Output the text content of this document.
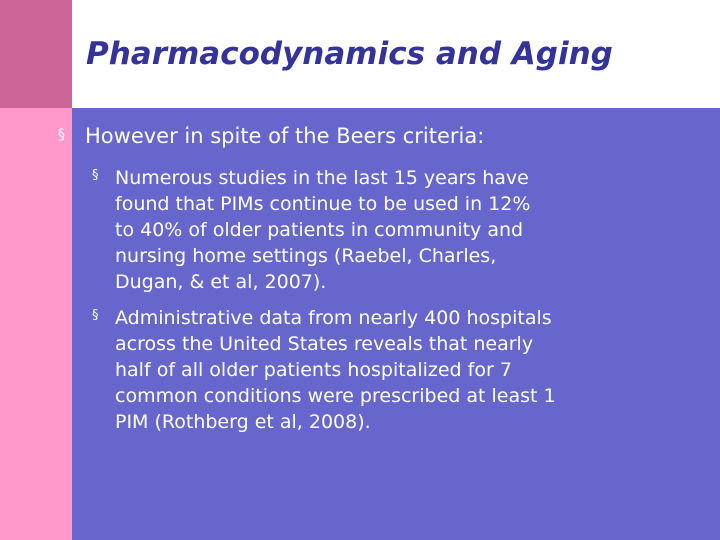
Pharmacodynamics and Aging
§ However in spite of the Beers criteria:
§ Numerous studies in the last 15 years have
found that PIMs continue to be used in 12%
to 40% of older patients in community and
nursing home settings (Raebel, Charles,
Dugan, & et al, 2007).

§ Administrative data from nearly 400 hospitals
across the United States reveals that nearly
half of all older patients hospitalized for 7
common conditions were prescribed at least 1
PIM (Rothberg et al, 2008).
